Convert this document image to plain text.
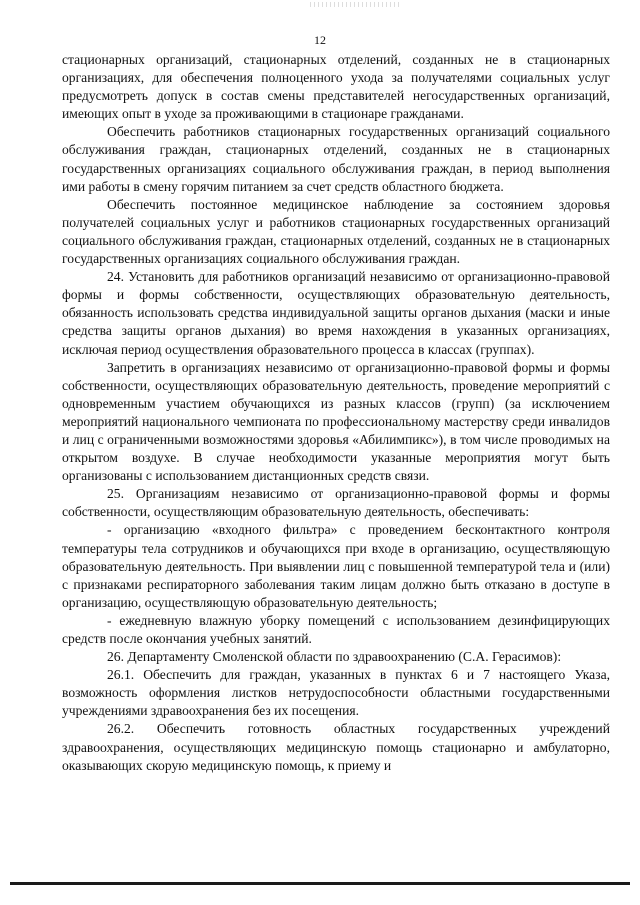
12

стационарных организаций, стационарных отделений, созданных не в стационарных организациях, для обеспечения полноценного ухода за получателями социальных услуг предусмотреть допуск в состав смены представителей негосударственных организаций, имеющих опыт в уходе за проживающими в стационаре гражданами.

Обеспечить работников стационарных государственных организаций социального обслуживания граждан, стационарных отделений, созданных не в стационарных государственных организациях социального обслуживания граждан, в период выполнения ими работы в смену горячим питанием за счет средств областного бюджета.

Обеспечить постоянное медицинское наблюдение за состоянием здоровья получателей социальных услуг и работников стационарных государственных организаций социального обслуживания граждан, стационарных отделений, созданных не в стационарных государственных организациях социального обслуживания граждан.

24. Установить для работников организаций независимо от организационно-правовой формы и формы собственности, осуществляющих образовательную деятельность, обязанность использовать средства индивидуальной защиты органов дыхания (маски и иные средства защиты органов дыхания) во время нахождения в указанных организациях, исключая период осуществления образовательного процесса в классах (группах).

Запретить в организациях независимо от организационно-правовой формы и формы собственности, осуществляющих образовательную деятельность, проведение мероприятий с одновременным участием обучающихся из разных классов (групп) (за исключением мероприятий национального чемпионата по профессиональному мастерству среди инвалидов и лиц с ограниченными возможностями здоровья «Абилимпикс»), в том числе проводимых на открытом воздухе. В случае необходимости указанные мероприятия могут быть организованы с использованием дистанционных средств связи.

25. Организациям независимо от организационно-правовой формы и формы собственности, осуществляющим образовательную деятельность, обеспечивать:

- организацию «входного фильтра» с проведением бесконтактного контроля температуры тела сотрудников и обучающихся при входе в организацию, осуществляющую образовательную деятельность. При выявлении лиц с повышенной температурой тела и (или) с признаками респираторного заболевания таким лицам должно быть отказано в доступе в организацию, осуществляющую образовательную деятельность;

- ежедневную влажную уборку помещений с использованием дезинфицирующих средств после окончания учебных занятий.

26. Департаменту Смоленской области по здравоохранению (С.А. Герасимов):

26.1. Обеспечить для граждан, указанных в пунктах 6 и 7 настоящего Указа, возможность оформления листков нетрудоспособности областными государственными учреждениями здравоохранения без их посещения.

26.2. Обеспечить готовность областных государственных учреждений здравоохранения, осуществляющих медицинскую помощь стационарно и амбулаторно, оказывающих скорую медицинскую помощь, к приему и
